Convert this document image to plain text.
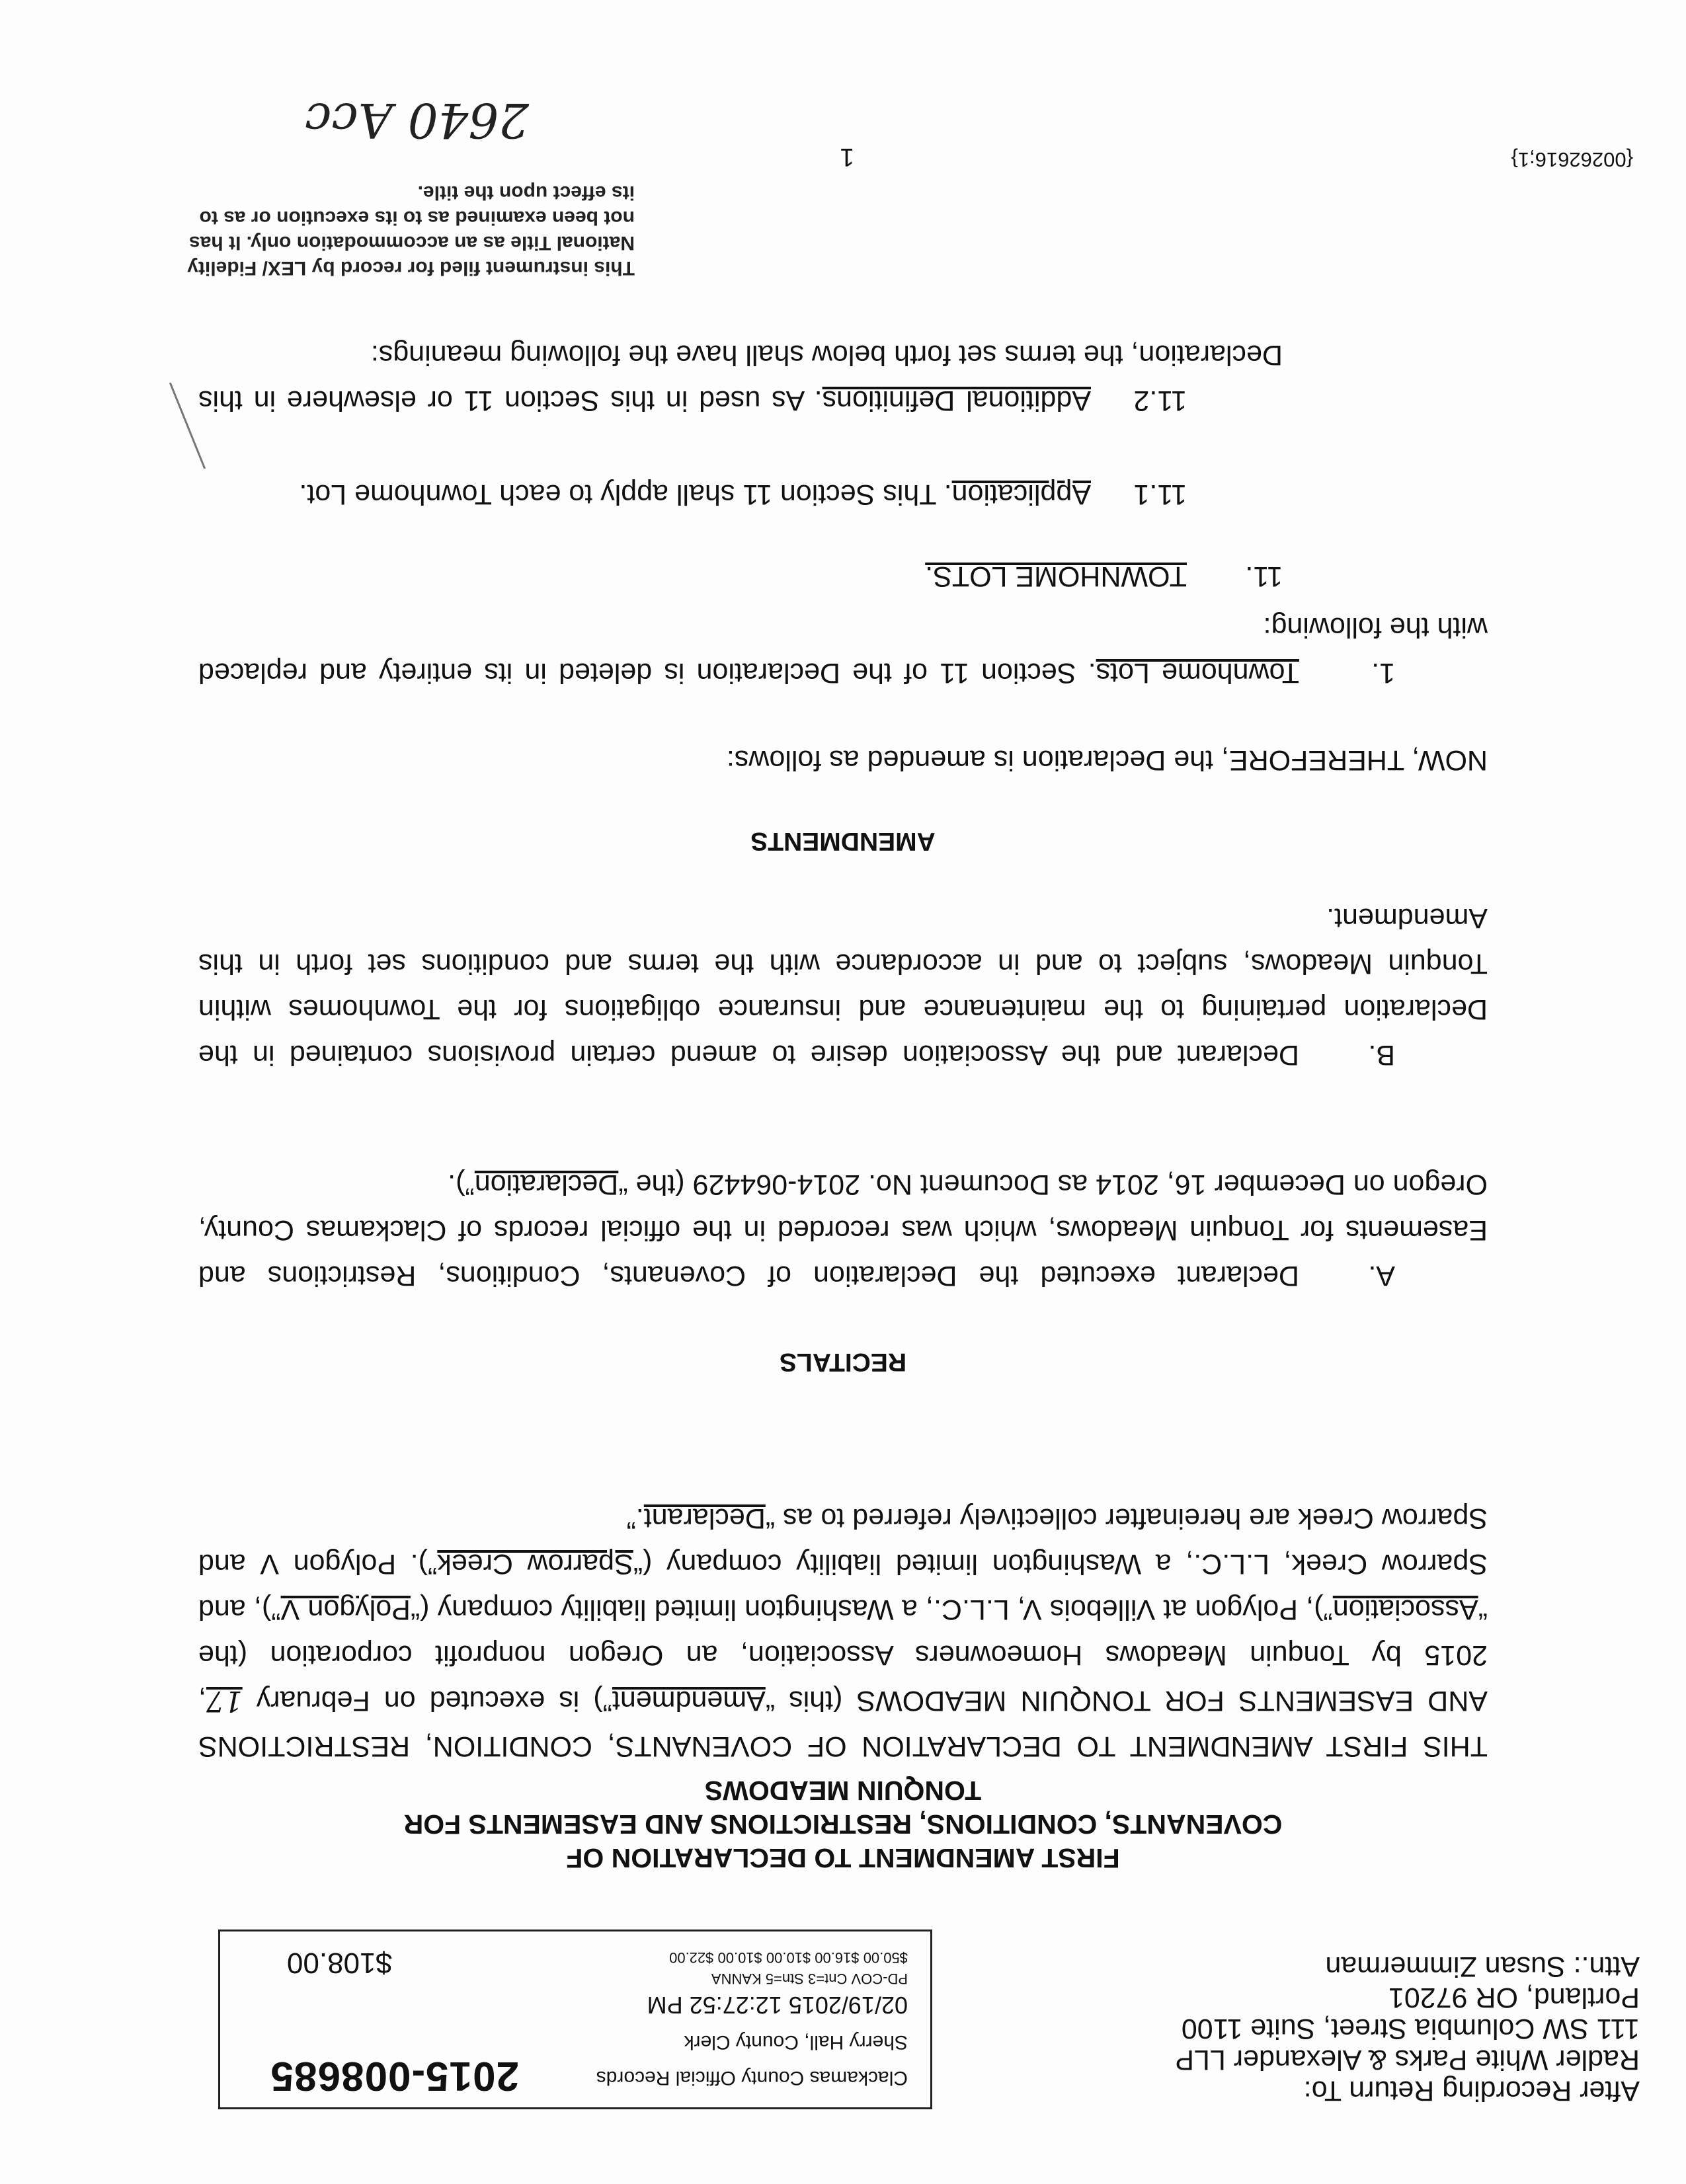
Clackamas County Official Records
2015-008685
Sherry Hall, County Clerk
02/19/2015 12:27:52 PM
PD-COV Cnt=3 Stn=5 KANNA
$50.00 $16.00 $10.00 $10.00 $22.00
$108.00
After Recording Return To:
Radler White Parks & Alexander LLP
111 SW Columbia Street, Suite 1100
Portland, OR 97201
Attn.: Susan Zimmerman
FIRST AMENDMENT TO DECLARATION OF
COVENANTS, CONDITIONS, RESTRICTIONS AND EASEMENTS FOR
TONQUIN MEADOWS
THIS FIRST AMENDMENT TO DECLARATION OF COVENANTS, CONDITION, RESTRICTIONS AND EASEMENTS FOR TONQUIN MEADOWS (this “Amendment”) is executed on February 17, 2015 by Tonquin Meadows Homeowners Association, an Oregon nonprofit corporation (the “Association”), Polygon at Villebois V, L.L.C., a Washington limited liability company (“Polygon V”), and Sparrow Creek, L.L.C., a Washington limited liability company (“Sparrow Creek”). Polygon V and Sparrow Creek are hereinafter collectively referred to as “Declarant.”
RECITALS
A.Declarant executed the Declaration of Covenants, Conditions, Restrictions and Easements for Tonquin Meadows, which was recorded in the official records of Clackamas County, Oregon on December 16, 2014 as Document No. 2014-064429 (the “Declaration”).
B.Declarant and the Association desire to amend certain provisions contained in the Declaration pertaining to the maintenance and insurance obligations for the Townhomes within Tonquin Meadows, subject to and in accordance with the terms and conditions set forth in this Amendment.
AMENDMENTS
NOW, THEREFORE, the Declaration is amended as follows:
1.Townhome Lots. Section 11 of the Declaration is deleted in its entirety and replaced with the following:
11.TOWNHOME LOTS.
11.1Application. This Section 11 shall apply to each Townhome Lot.
11.2Additional Definitions. As used in this Section 11 or elsewhere in this Declaration, the terms set forth below shall have the following meanings:
This instrument filed for record by LEX/ Fidelity National Title as an accommodation only. It has not been examined as to its execution or as to its effect upon the title.
{00262616;1}
1
2640 Acc
